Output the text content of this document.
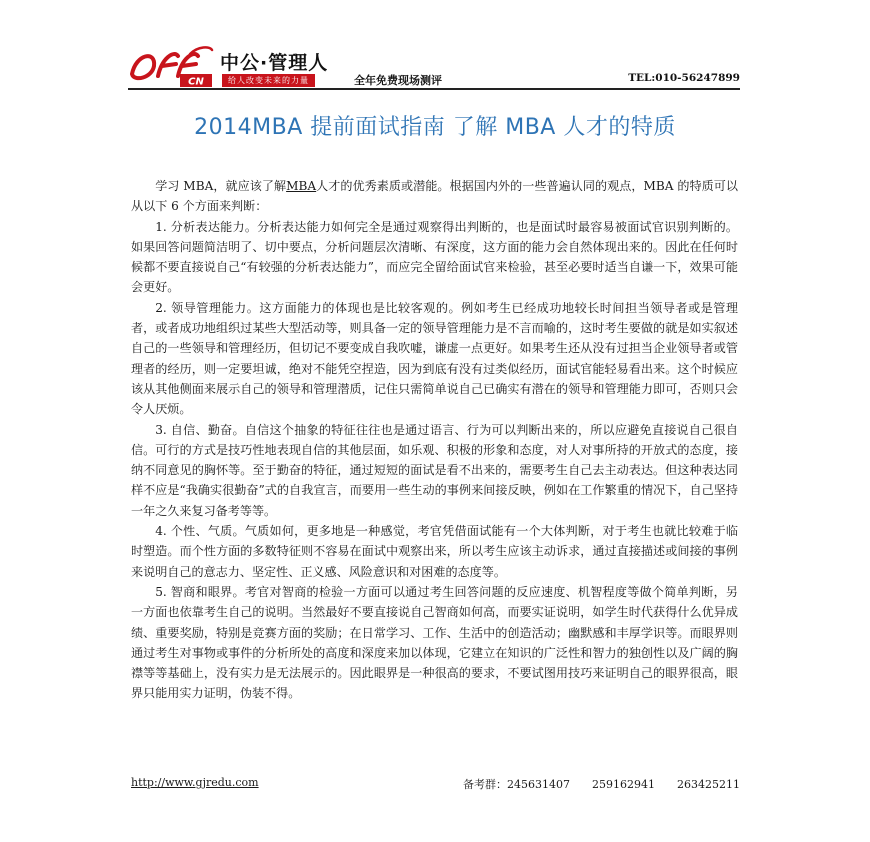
CN
中公·管理人
给人改变未来的力量	全年免费现场测评	TEL:010-56247899
2014MBA 提前面试指南 了解 MBA 人才的特质

学习 MBA，就应该了解MBA人才的优秀素质或潜能。根据国内外的一些普遍认同的观点，MBA 的特质可以从以下 6 个方面来判断：

1. 分析表达能力。分析表达能力如何完全是通过观察得出判断的，也是面试时最容易被面试官识别判断的。如果回答问题简洁明了、切中要点，分析问题层次清晰、有深度，这方面的能力会自然体现出来的。因此在任何时候都不要直接说自己“有较强的分析表达能力”，而应完全留给面试官来检验，甚至必要时适当自谦一下，效果可能会更好。

2. 领导管理能力。这方面能力的体现也是比较客观的。例如考生已经成功地较长时间担当领导者或是管理者，或者成功地组织过某些大型活动等，则具备一定的领导管理能力是不言而喻的，这时考生要做的就是如实叙述自己的一些领导和管理经历，但切记不要变成自我吹嘘，谦虚一点更好。如果考生还从没有过担当企业领导者或管理者的经历，则一定要坦诚，绝对不能凭空捏造，因为到底有没有过类似经历，面试官能轻易看出来。这个时候应该从其他侧面来展示自己的领导和管理潜质，记住只需简单说自己已确实有潜在的领导和管理能力即可，否则只会令人厌烦。

3. 自信、勤奋。自信这个抽象的特征往往也是通过语言、行为可以判断出来的，所以应避免直接说自己很自信。可行的方式是技巧性地表现自信的其他层面，如乐观、积极的形象和态度，对人对事所持的开放式的态度，接纳不同意见的胸怀等。至于勤奋的特征，通过短短的面试是看不出来的，需要考生自己去主动表达。但这种表达同样不应是“我确实很勤奋”式的自我宣言，而要用一些生动的事例来间接反映，例如在工作繁重的情况下，自己坚持一年之久来复习备考等等。

4. 个性、气质。气质如何，更多地是一种感觉，考官凭借面试能有一个大体判断，对于考生也就比较难于临时塑造。而个性方面的多数特征则不容易在面试中观察出来，所以考生应该主动诉求，通过直接描述或间接的事例来说明自己的意志力、坚定性、正义感、风险意识和对困难的态度等。

5. 智商和眼界。考官对智商的检验一方面可以通过考生回答问题的反应速度、机智程度等做个简单判断，另一方面也依靠考生自己的说明。当然最好不要直接说自己智商如何高，而要实证说明，如学生时代获得什么优异成绩、重要奖励，特别是竞赛方面的奖励；在日常学习、工作、生活中的创造活动；幽默感和丰厚学识等。而眼界则通过考生对事物或事件的分析所处的高度和深度来加以体现，它建立在知识的广泛性和智力的独创性以及广阔的胸襟等等基础上，没有实力是无法展示的。因此眼界是一种很高的要求，不要试图用技巧来证明自己的眼界很高，眼界只能用实力证明，伪装不得。

http://www.gjredu.com	备考群：245631407　　259162941　　263425211
